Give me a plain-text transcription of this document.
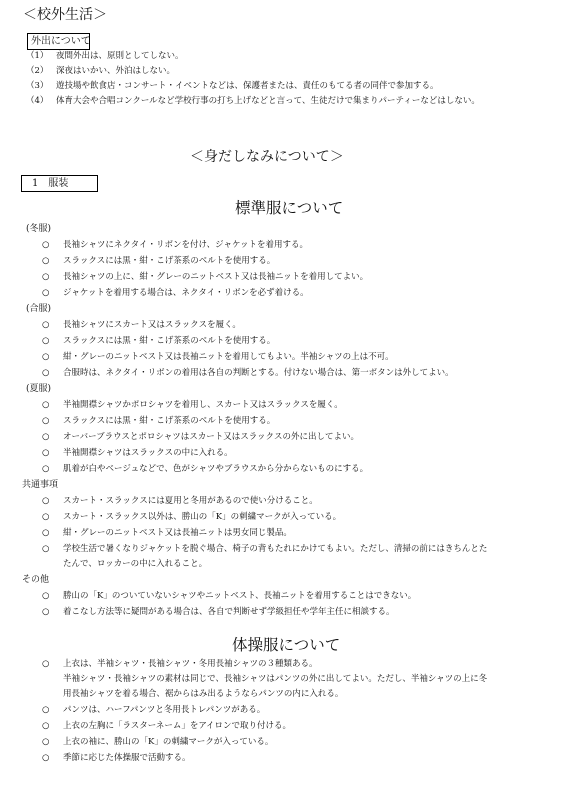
＜校外生活＞
外出について
（1） 夜間外出は、原則としてしない。
（2） 深夜はいかい、外泊はしない。
（3） 遊技場や飲食店・コンサート・イベントなどは、保護者または、責任のもてる者の同伴で参加する。
（4） 体育大会や合唱コンクールなど学校行事の打ち上げなどと言って、生徒だけで集まりパーティーなどはしない。
＜身だしなみについて＞
1　服装
標準服について
(冬服)
○ 長袖シャツにネクタイ・リボンを付け、ジャケットを着用する。
○ スラックスには黒・紺・こげ茶系のベルトを使用する。
○ 長袖シャツの上に、紺・グレーのニットベスト又は長袖ニットを着用してよい。
○ ジャケットを着用する場合は、ネクタイ・リボンを必ず着ける。
(合服)
○ 長袖シャツにスカート又はスラックスを履く。
○ スラックスには黒・紺・こげ茶系のベルトを使用する。
○ 紺・グレーのニットベスト又は長袖ニットを着用してもよい。半袖シャツの上は不可。
○ 合服時は、ネクタイ・リボンの着用は各自の判断とする。付けない場合は、第一ボタンは外してよい。
(夏服)
○ 半袖開襟シャツかポロシャツを着用し、スカート又はスラックスを履く。
○ スラックスには黒・紺・こげ茶系のベルトを使用する。
○ オーバーブラウスとポロシャツはスカート又はスラックスの外に出してよい。
○ 半袖開襟シャツはスラックスの中に入れる。
○ 肌着が白やベージュなどで、色がシャツやブラウスから分からないものにする。
共通事項
○ スカート・スラックスには夏用と冬用があるので使い分けること。
○ スカート・スラックス以外は、勝山の「K」の刺繍マークが入っている。
○ 紺・グレーのニットベスト又は長袖ニットは男女同じ製品。
○ 学校生活で暑くなりジャケットを脱ぐ場合、椅子の背もたれにかけてもよい。ただし、清掃の前にはきちんとた
たんで、ロッカーの中に入れること。
その他
○ 勝山の「K」のついていないシャツやニットベスト、長袖ニットを着用することはできない。
○ 着こなし方法等に疑問がある場合は、各自で判断せず学級担任や学年主任に相談する。
体操服について
○ 上衣は、半袖シャツ・長袖シャツ・冬用長袖シャツの３種類ある。
半袖シャツ・長袖シャツの素材は同じで、長袖シャツはパンツの外に出してよい。ただし、半袖シャツの上に冬
用長袖シャツを着る場合、裾からはみ出るようならパンツの内に入れる。
○ パンツは、ハーフパンツと冬用長トレパンツがある。
○ 上衣の左胸に「ラスターネーム」をアイロンで取り付ける。
○ 上衣の袖に、勝山の「K」の刺繍マークが入っている。
○ 季節に応じた体操服で活動する。
